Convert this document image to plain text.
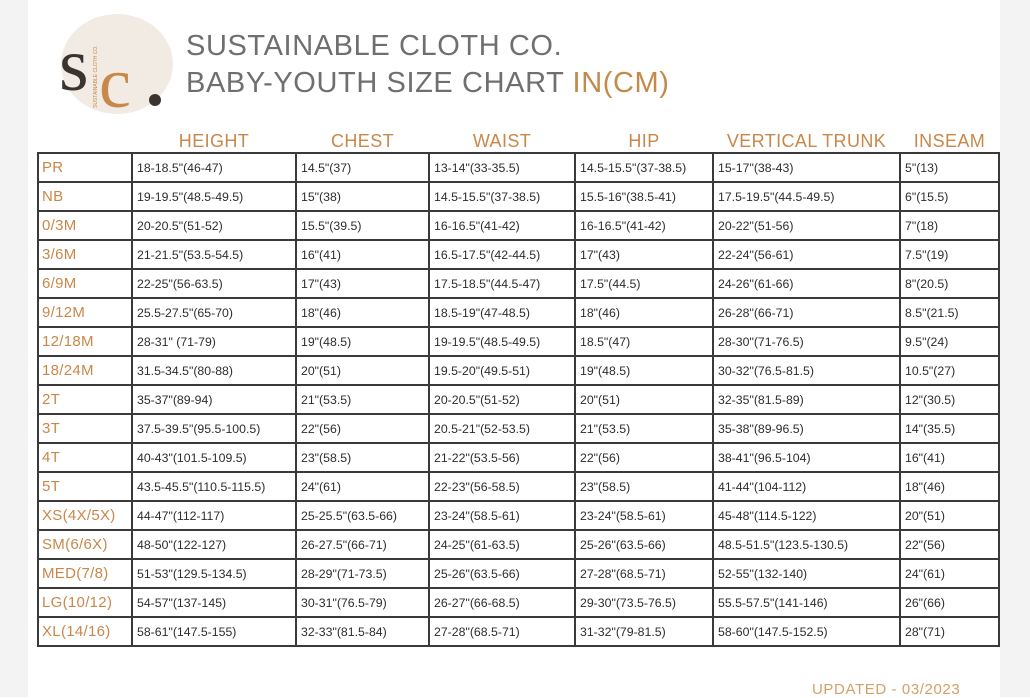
s c
SUSTAINABLE CLOTH CO.	SUSTAINABLE CLOTH CO.
BABY-YOUTH SIZE CHART IN(CM)
	HEIGHT	CHEST	WAIST	HIP	VERTICAL TRUNK	INSEAM
PR	18-18.5"(46-47)	14.5"(37)	13-14"(33-35.5)	14.5-15.5"(37-38.5)	15-17"(38-43)	5"(13)
NB	19-19.5"(48.5-49.5)	15"(38)	14.5-15.5"(37-38.5)	15.5-16"(38.5-41)	17.5-19.5"(44.5-49.5)	6"(15.5)
0/3M	20-20.5"(51-52)	15.5"(39.5)	16-16.5"(41-42)	16-16.5"(41-42)	20-22"(51-56)	7"(18)
3/6M	21-21.5"(53.5-54.5)	16"(41)	16.5-17.5"(42-44.5)	17"(43)	22-24"(56-61)	7.5"(19)
6/9M	22-25"(56-63.5)	17"(43)	17.5-18.5"(44.5-47)	17.5"(44.5)	24-26"(61-66)	8"(20.5)
9/12M	25.5-27.5"(65-70)	18"(46)	18.5-19"(47-48.5)	18"(46)	26-28"(66-71)	8.5"(21.5)
12/18M	28-31" (71-79)	19"(48.5)	19-19.5"(48.5-49.5)	18.5"(47)	28-30"(71-76.5)	9.5"(24)
18/24M	31.5-34.5"(80-88)	20"(51)	19.5-20"(49.5-51)	19"(48.5)	30-32"(76.5-81.5)	10.5"(27)
2T	35-37"(89-94)	21"(53.5)	20-20.5"(51-52)	20"(51)	32-35"(81.5-89)	12"(30.5)
3T	37.5-39.5"(95.5-100.5)	22"(56)	20.5-21"(52-53.5)	21"(53.5)	35-38"(89-96.5)	14"(35.5)
4T	40-43"(101.5-109.5)	23"(58.5)	21-22"(53.5-56)	22"(56)	38-41"(96.5-104)	16"(41)
5T	43.5-45.5"(110.5-115.5)	24"(61)	22-23"(56-58.5)	23"(58.5)	41-44"(104-112)	18"(46)
XS(4X/5X)	44-47"(112-117)	25-25.5"(63.5-66)	23-24"(58.5-61)	23-24"(58.5-61)	45-48"(114.5-122)	20"(51)
SM(6/6X)	48-50"(122-127)	26-27.5"(66-71)	24-25"(61-63.5)	25-26"(63.5-66)	48.5-51.5"(123.5-130.5)	22"(56)
MED(7/8)	51-53"(129.5-134.5)	28-29"(71-73.5)	25-26"(63.5-66)	27-28"(68.5-71)	52-55"(132-140)	24"(61)
LG(10/12)	54-57"(137-145)	30-31"(76.5-79)	26-27"(66-68.5)	29-30"(73.5-76.5)	55.5-57.5"(141-146)	26"(66)
XL(14/16)	58-61"(147.5-155)	32-33"(81.5-84)	27-28"(68.5-71)	31-32"(79-81.5)	58-60"(147.5-152.5)	28"(71)
UPDATED - 03/2023
